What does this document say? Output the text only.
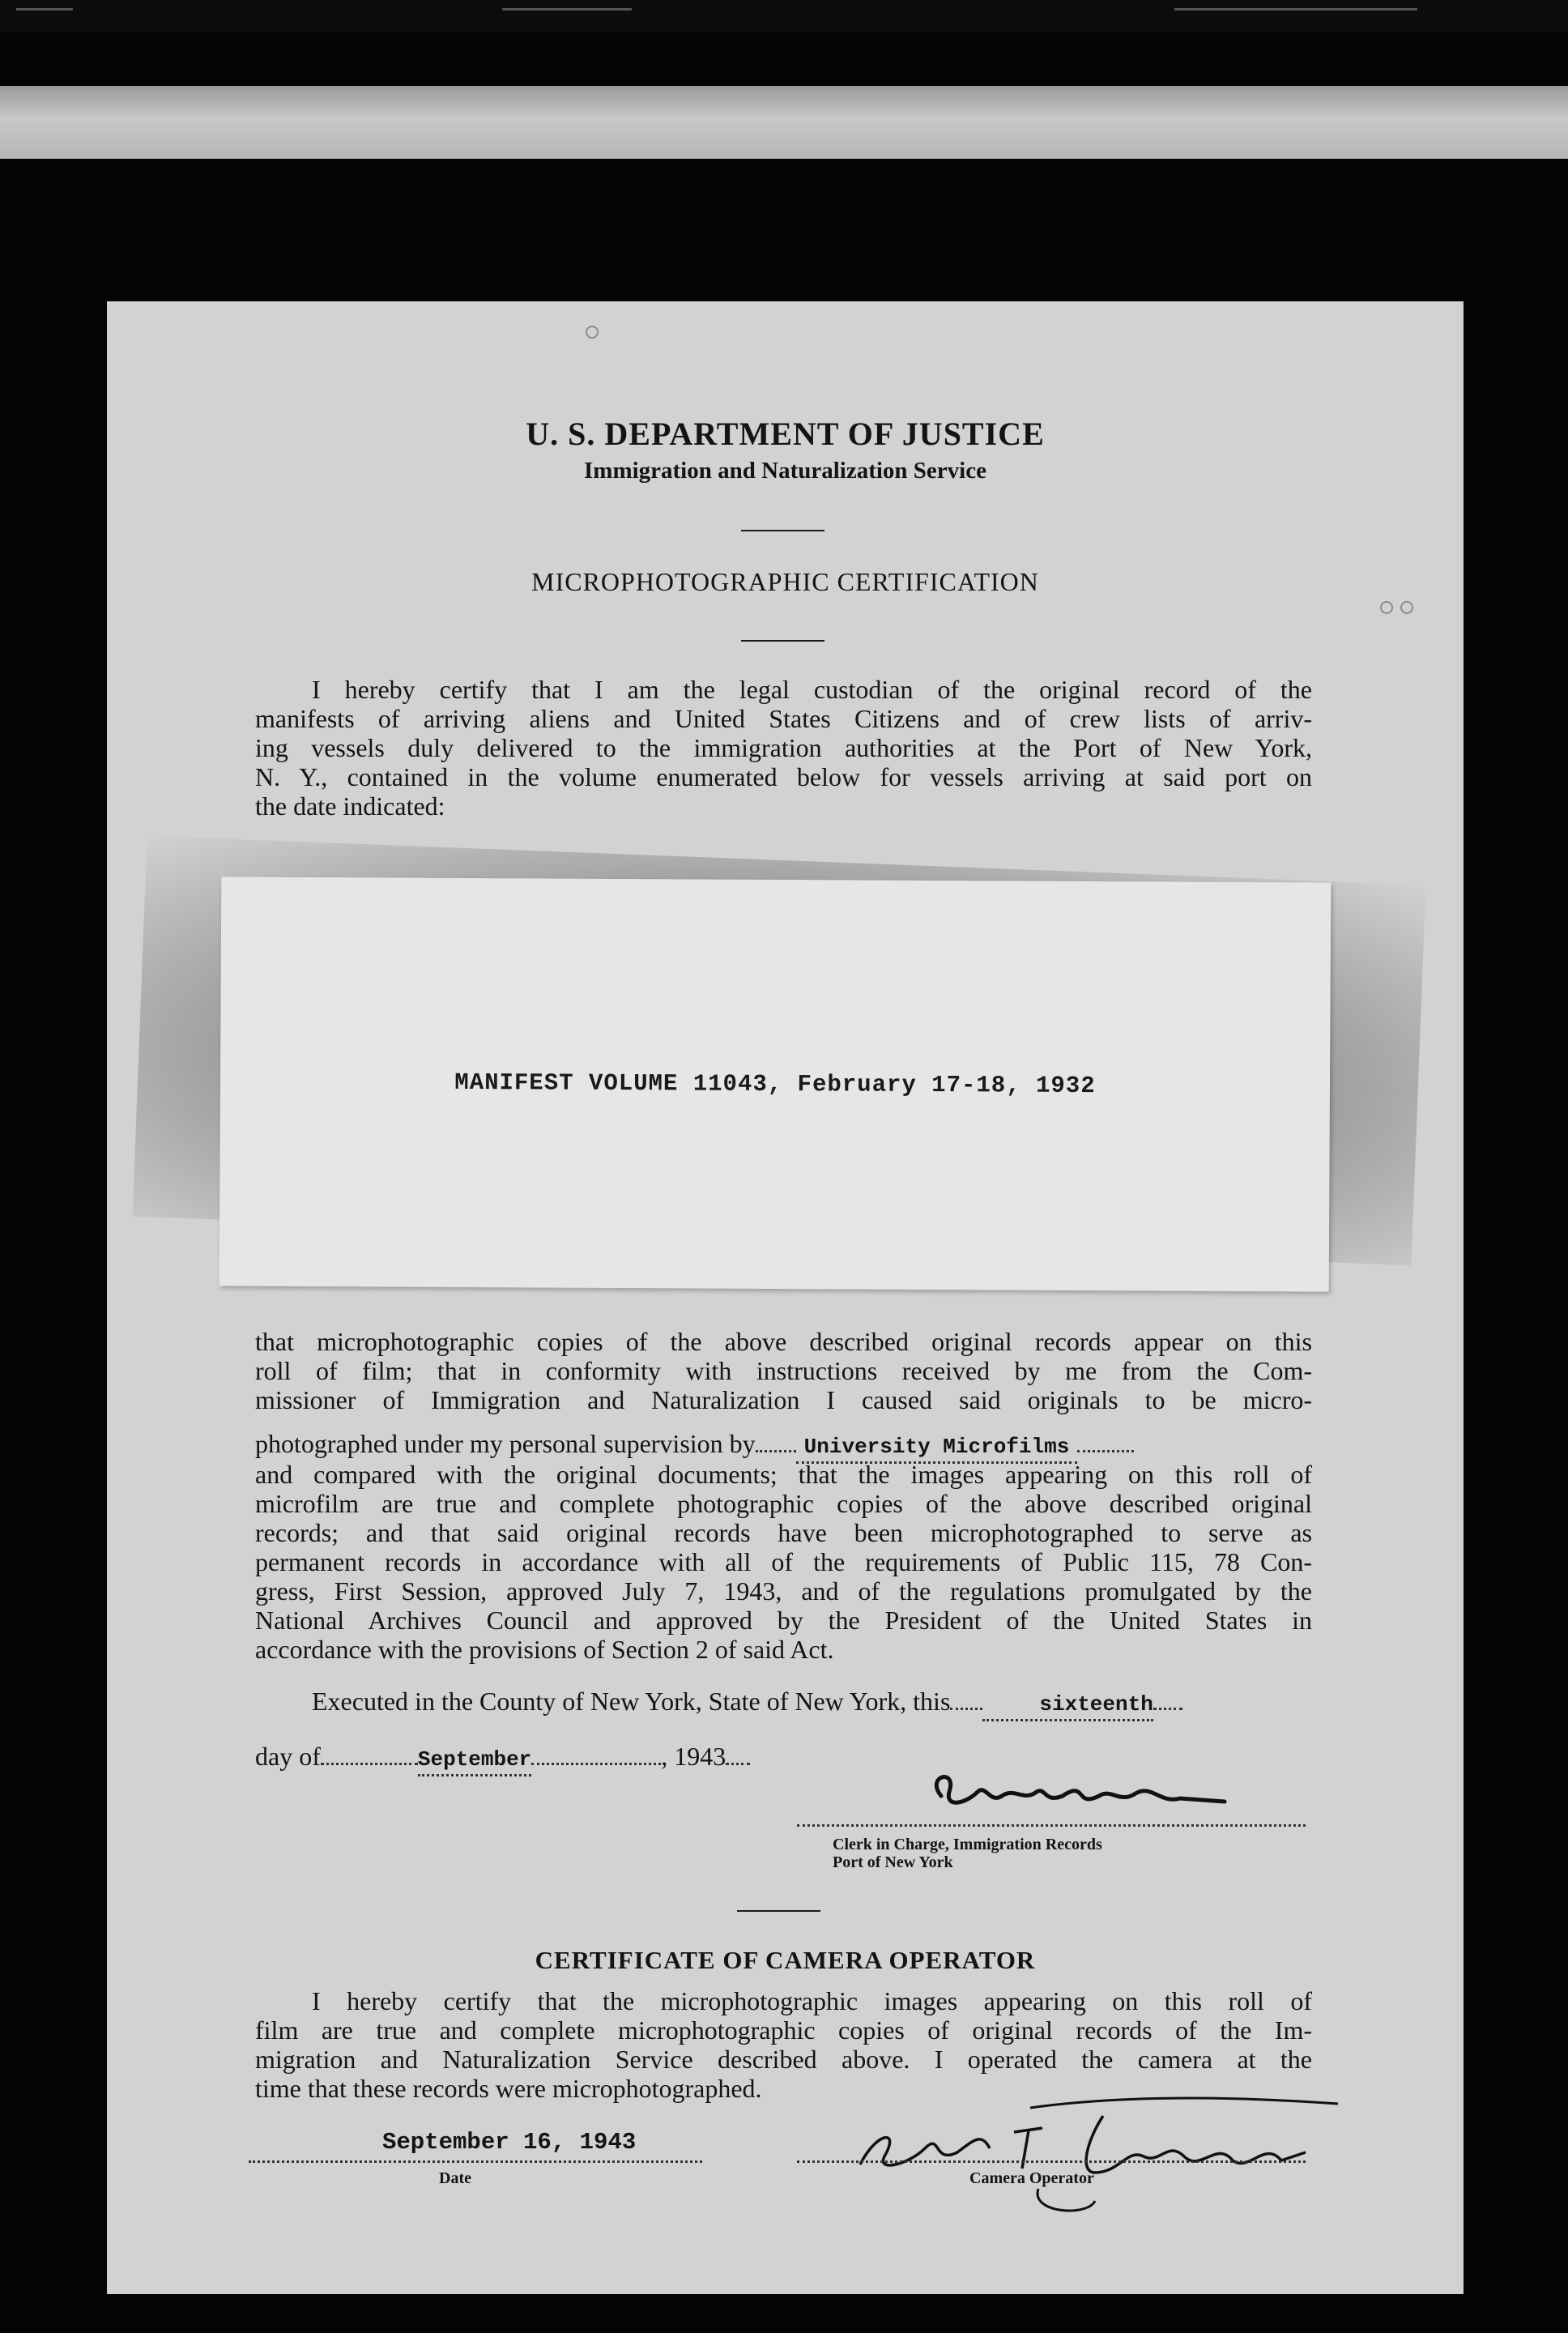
U. S. DEPARTMENT OF JUSTICE
Immigration and Naturalization Service
MICROPHOTOGRAPHIC CERTIFICATION
I hereby certify that I am the legal custodian of the original record of the
manifests of arriving aliens and United States Citizens and of crew lists of arriv-
ing vessels duly delivered to the immigration authorities at the Port of New York,
N. Y., contained in the volume enumerated below for vessels arriving at said port on
the date indicated:
MANIFEST VOLUME 11043, February 17-18, 1932
that microphotographic copies of the above described original records appear on this
roll of film; that in conformity with instructions received by me from the Com-
missioner of Immigration and Naturalization I caused said originals to be micro-
photographed under my personal supervision by University Microfilms
and compared with the original documents; that the images appearing on this roll of
microfilm are true and complete photographic copies of the above described original
records; and that said original records have been microphotographed to serve as
permanent records in accordance with all of the requirements of Public 115, 78 Con-
gress, First Session, approved July 7, 1943, and of the regulations promulgated by the
National Archives Council and approved by the President of the United States in
accordance with the provisions of Section 2 of said Act.
Executed in the County of New York, State of New York, this	sixteenth
day of	September	, 1943
Clerk in Charge, Immigration Records
Port of New York
CERTIFICATE OF CAMERA OPERATOR
I hereby certify that the microphotographic images appearing on this roll of
film are true and complete microphotographic copies of original records of the Im-
migration and Naturalization Service described above. I operated the camera at the
time that these records were microphotographed.
September 16, 1943
Date	Camera Operator
